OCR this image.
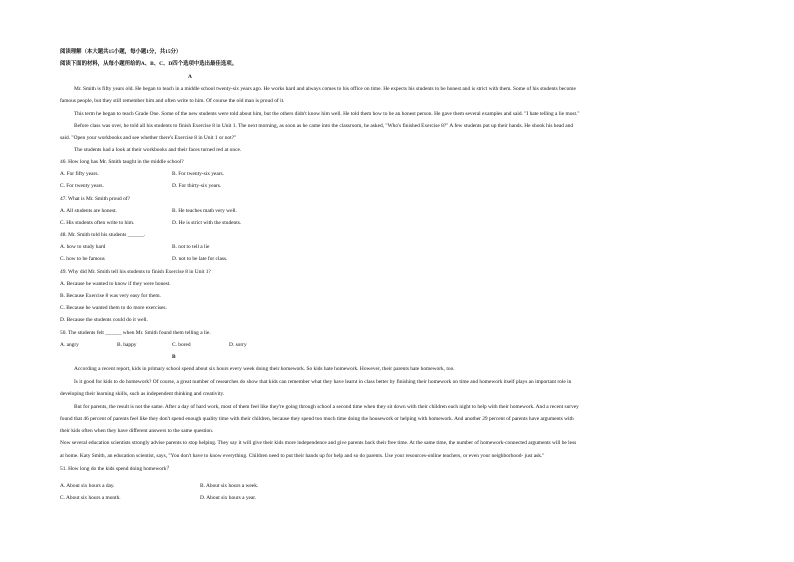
阅读理解（本大题共15小题，每小题1分，共15分）
阅读下面的材料，从每小题所给的A、B、C、D四个选项中选出最佳选项。
A
Mr. Smith is fifty years old. He began to teach in a middle school twenty-six years ago. He works hard and always comes to his office on time. He expects his students to be honest and is strict with them. Some of his students become
famous people, but they still remember him and often write to him. Of course the old man is proud of it.
This term he began to teach Grade One. Some of the new students were told about him, but the others didn't know him well. He told them how to be an honest person. He gave them several examples and said. "I hate telling a lie most."
Before class was over, he told all his students to finish Exercise 8 in Unit 1. The next morning, as soon as he came into the classroom, he asked, "Who's finished Exercise 8?" A few students put up their hands. He shook his head and
said. "Open your workbooks and see whether there's Exercise 8 in Unit 1 or not?"
The students had a look at their workbooks and their faces turned red at once.
46. How long has Mr. Smith taught in the middle school?
A. For fifty years.	B. For twenty-six years.
C. For twenty years.	D. For thirty-six years.
47. What is Mr. Smith proud of?
A. All students are honest.	B. He teaches math very well.
C. His students often write to him.	D. He is strict with the students.
48. Mr. Smith told his students ______.
A. how to study hard	B. not to tell a lie
C. how to be famous	D. not to be late for class.
49. Why did Mr. Smith tell his students to finish Exercise 8 in Unit 1?
A. Because he wanted to know if they were honest.
B. Because Exercise 8 was very easy for them.
C. Because he wanted them to do more exercises.
D. Because the students could do it well.
50. The students felt ______ when Mr. Smith found them telling a lie.
A. angry	B. happy	C. bored	D. sorry
B
According a recent report, kids in primary school spend about six hours every week doing their homework. So kids hate homework. However, their parents hate homework, too.
Is it good for kids to do homework? Of course, a great number of researches do show that kids can remember what they have learnt in class better by finishing their homework on time and homework itself plays an important role in
developing their learning skills, such as independent thinking and creativity.
But for parents, the result is not the same. After a day of hard work, most of them feel like they're going through school a second time when they sit down with their children each night to help with their homework. And a recent survey
found that 46 percent of parents feel like they don't spend enough quality time with their children, because they spend too much time doing the housework or helping with homework. And another 29 percent of parents have arguments with
their kids often when they have different answers to the same question.
Now several education scientists strongly advise parents to stop helping. They say it will give their kids more independence and give parents back their free time. At the same time, the number of homework-connected arguments will be less
at home. Katy Smith, an education scientist, says, "You don't have to know everything. Children need to put their hands up for help and so do parents. Use your resources-online teachers, or even your neighborhood- just ask."
51. How long do the kids spend doing homework？
A. About six hours a day.	B. About six hours a week.
C. About six hours a month.	D. About six hours a year.
